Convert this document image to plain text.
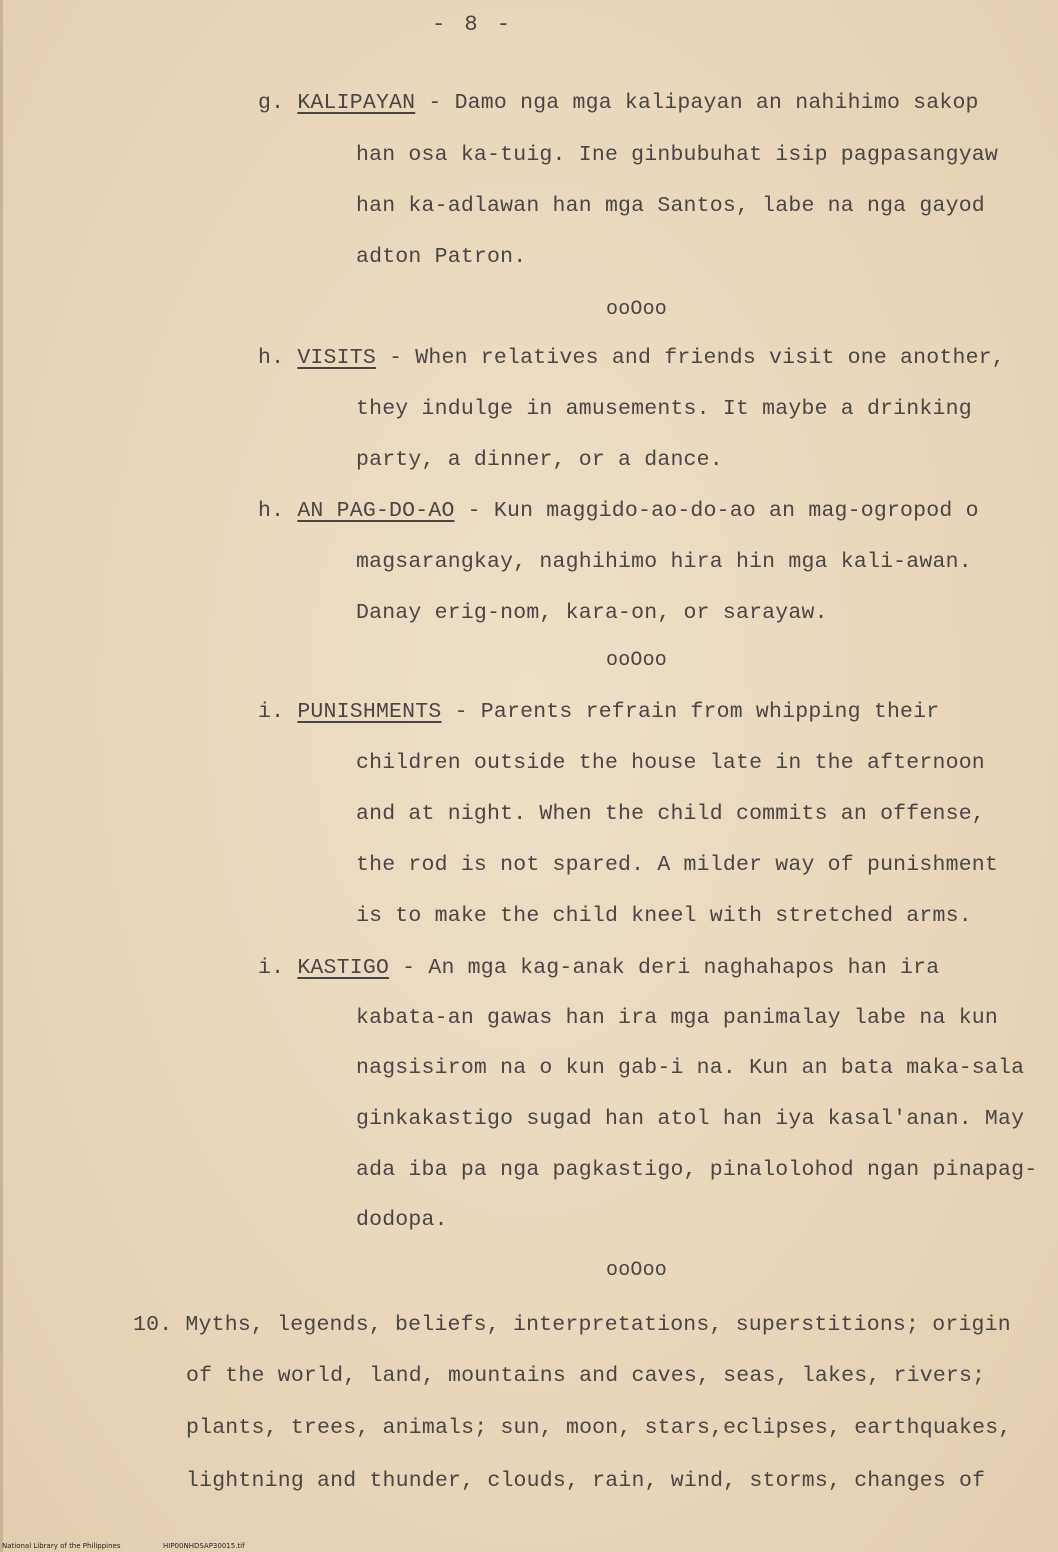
- 8 -
g. KALIPAYAN - Damo nga mga kalipayan an nahihimo sakop
han osa ka-tuig. Ine ginbubuhat isip pagpasangyaw
han ka-adlawan han mga Santos, labe na nga gayod
adton Patron.
ooOoo
h. VISITS - When relatives and friends visit one another,
they indulge in amusements. It maybe a drinking
party, a dinner, or a dance.
h. AN PAG-DO-AO - Kun maggido-ao-do-ao an mag-ogropod o
magsarangkay, naghihimo hira hin mga kali-awan.
Danay erig-nom, kara-on, or sarayaw.
ooOoo
i. PUNISHMENTS - Parents refrain from whipping their
children outside the house late in the afternoon
and at night. When the child commits an offense,
the rod is not spared. A milder way of punishment
is to make the child kneel with stretched arms.
i. KASTIGO - An mga kag-anak deri naghahapos han ira
kabata-an gawas han ira mga panimalay labe na kun
nagsisirom na o kun gab-i na. Kun an bata maka-sala
ginkakastigo sugad han atol han iya kasal'anan. May
ada iba pa nga pagkastigo, pinalolohod ngan pinapag-
dodopa.
ooOoo
10. Myths, legends, beliefs, interpretations, superstitions; origin
of the world, land, mountains and caves, seas, lakes, rivers;
plants, trees, animals; sun, moon, stars,eclipses, earthquakes,
lightning and thunder, clouds, rain, wind, storms, changes of
National Library of the Philippines	HIP00NHDSAP30015.tif
